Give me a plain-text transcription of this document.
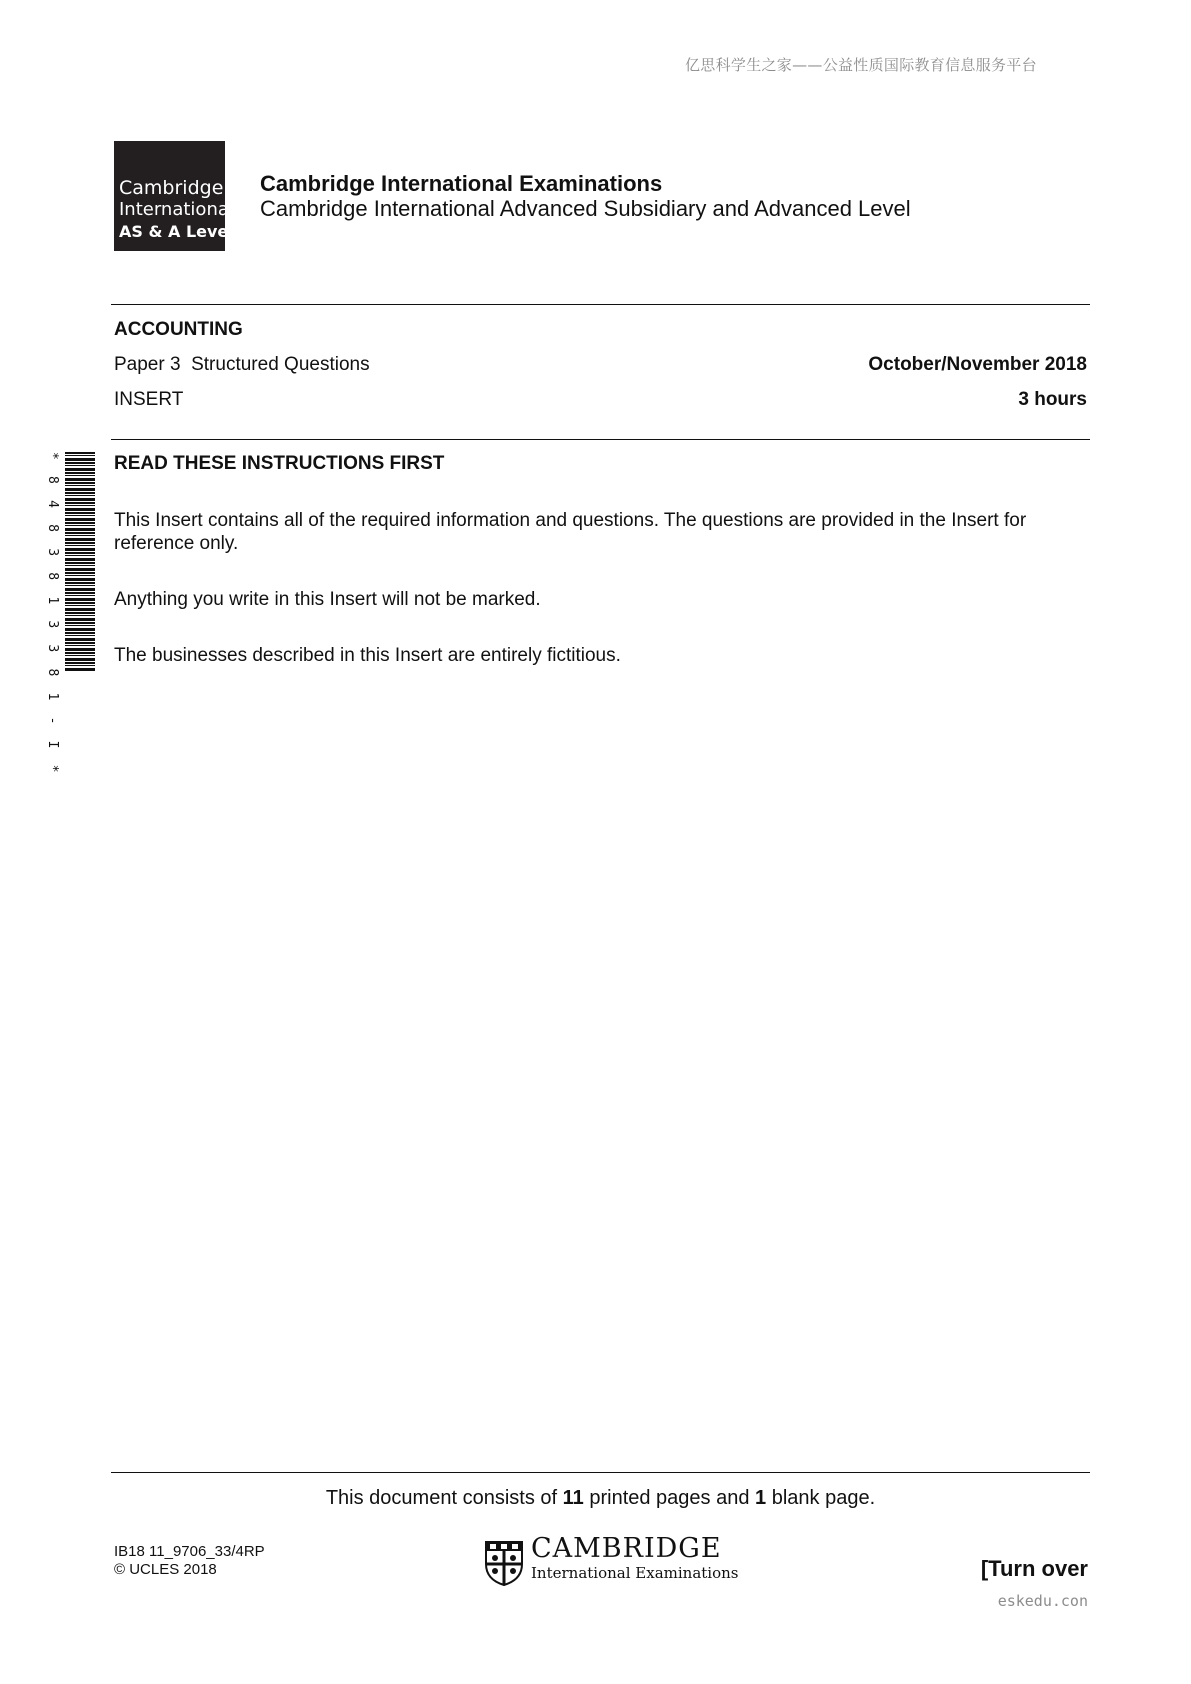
亿思科学生之家——公益性质国际教育信息服务平台
Cambridge
International
AS & A Level
Cambridge International Examinations
Cambridge International Advanced Subsidiary and Advanced Level
ACCOUNTING
Paper 3  Structured Questions	October/November 2018
INSERT	3 hours
* 8 4 8 3 8 1 3 3 8 1 - I *	READ THESE INSTRUCTIONS FIRST
This Insert contains all of the required information and questions. The questions are provided in the Insert for reference only.
Anything you write in this Insert will not be marked.
The businesses described in this Insert are entirely fictitious.
This document consists of 11 printed pages and 1 blank page.
IB18 11_9706_33/4RP
© UCLES 2018
CAMBRIDGE
International Examinations	[Turn over
eskedu.con
